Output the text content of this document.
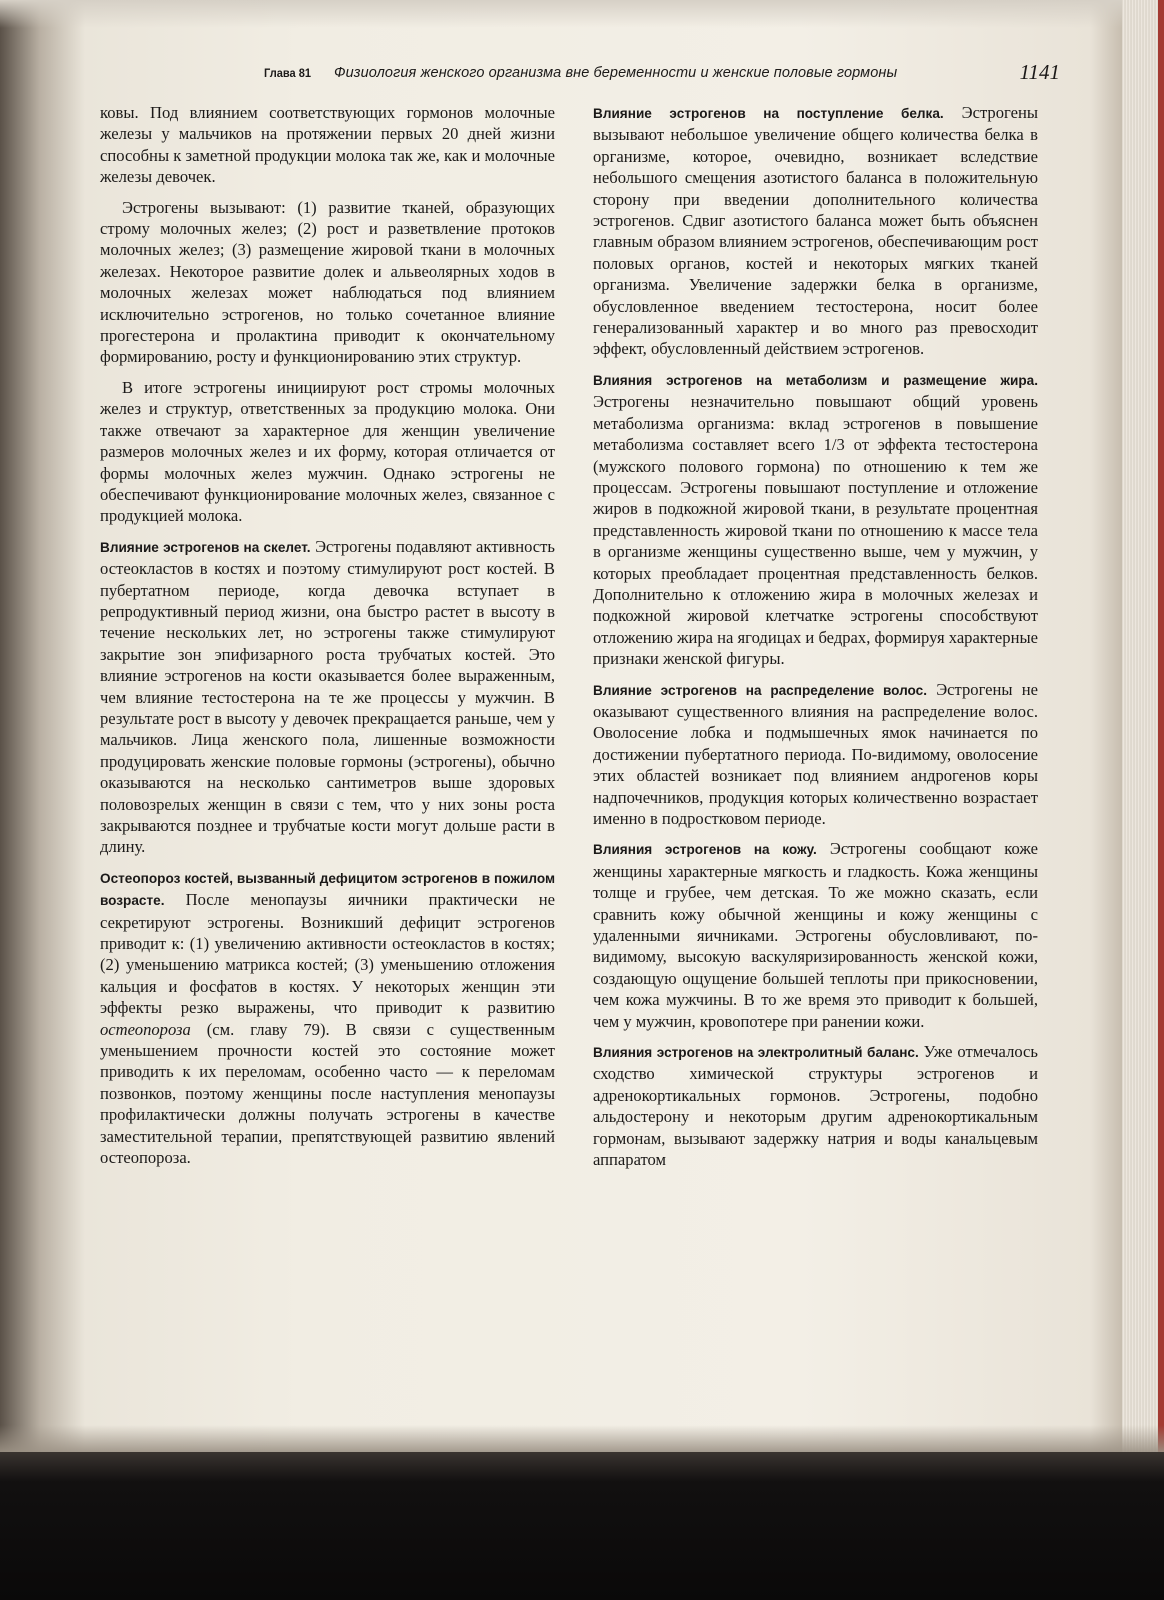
Глава 81 Физиология женского организма вне беременности и женские половые гормоны	1141

ковы. Под влиянием соответствующих гормонов молочные железы у мальчиков на протяжении первых 20 дней жизни способны к заметной продукции молока так же, как и молочные железы девочек.

Эстрогены вызывают: (1) развитие тканей, образующих строму молочных желез; (2) рост и разветвление протоков молочных желез; (3) размещение жировой ткани в молочных железах. Некоторое развитие долек и альвеолярных ходов в молочных железах может наблюдаться под влиянием исключительно эстрогенов, но только сочетанное влияние прогестерона и пролактина приводит к окончательному формированию, росту и функционированию этих структур.

В итоге эстрогены инициируют рост стромы молочных желез и структур, ответственных за продукцию молока. Они также отвечают за характерное для женщин увеличение размеров молочных желез и их форму, которая отличается от формы молочных желез мужчин. Однако эстрогены не обеспечивают функционирование молочных желез, связанное с продукцией молока.

Влияние эстрогенов на скелет. Эстрогены подавляют активность остеокластов в костях и поэтому стимулируют рост костей. В пубертатном периоде, когда девочка вступает в репродуктивный период жизни, она быстро растет в высоту в течение нескольких лет, но эстрогены также стимулируют закрытие зон эпифизарного роста трубчатых костей. Это влияние эстрогенов на кости оказывается более выраженным, чем влияние тестостерона на те же процессы у мужчин. В результате рост в высоту у девочек прекращается раньше, чем у мальчиков. Лица женского пола, лишенные возможности продуцировать женские половые гормоны (эстрогены), обычно оказываются на несколько сантиметров выше здоровых половозрелых женщин в связи с тем, что у них зоны роста закрываются позднее и трубчатые кости могут дольше расти в длину.

Остеопороз костей, вызванный дефицитом эстрогенов в пожилом возрасте. После менопаузы яичники практически не секретируют эстрогены. Возникший дефицит эстрогенов приводит к: (1) увеличению активности остеокластов в костях; (2) уменьшению матрикса костей; (3) уменьшению отложения кальция и фосфатов в костях. У некоторых женщин эти эффекты резко выражены, что приводит к развитию остеопороза (см. главу 79). В связи с существенным уменьшением прочности костей это состояние может приводить к их переломам, особенно часто — к переломам позвонков, поэтому женщины после наступления менопаузы профилактически должны получать эстрогены в качестве заместительной терапии, препятствующей развитию явлений остеопороза.

Влияние эстрогенов на поступление белка. Эстрогены вызывают небольшое увеличение общего количества белка в организме, которое, очевидно, возникает вследствие небольшого смещения азотистого баланса в положительную сторону при введении дополнительного количества эстрогенов. Сдвиг азотистого баланса может быть объяснен главным образом влиянием эстрогенов, обеспечивающим рост половых органов, костей и некоторых мягких тканей организма. Увеличение задержки белка в организме, обусловленное введением тестостерона, носит более генерализованный характер и во много раз превосходит эффект, обусловленный действием эстрогенов.

Влияния эстрогенов на метаболизм и размещение жира. Эстрогены незначительно повышают общий уровень метаболизма организма: вклад эстрогенов в повышение метаболизма составляет всего 1/3 от эффекта тестостерона (мужского полового гормона) по отношению к тем же процессам. Эстрогены повышают поступление и отложение жиров в подкожной жировой ткани, в результате процентная представленность жировой ткани по отношению к массе тела в организме женщины существенно выше, чем у мужчин, у которых преобладает процентная представленность белков. Дополнительно к отложению жира в молочных железах и подкожной жировой клетчатке эстрогены способствуют отложению жира на ягодицах и бедрах, формируя характерные признаки женской фигуры.

Влияние эстрогенов на распределение волос. Эстрогены не оказывают существенного влияния на распределение волос. Оволосение лобка и подмышечных ямок начинается по достижении пубертатного периода. По-видимому, оволосение этих областей возникает под влиянием андрогенов коры надпочечников, продукция которых количественно возрастает именно в подростковом периоде.

Влияния эстрогенов на кожу. Эстрогены сообщают коже женщины характерные мягкость и гладкость. Кожа женщины толще и грубее, чем детская. То же можно сказать, если сравнить кожу обычной женщины и кожу женщины с удаленными яичниками. Эстрогены обусловливают, по-видимому, высокую васкуляризированность женской кожи, создающую ощущение большей теплоты при прикосновении, чем кожа мужчины. В то же время это приводит к большей, чем у мужчин, кровопотере при ранении кожи.

Влияния эстрогенов на электролитный баланс. Уже отмечалось сходство химической структуры эстрогенов и адренокортикальных гормонов. Эстрогены, подобно альдостерону и некоторым другим адренокортикальным гормонам, вызывают задержку натрия и воды канальцевым аппаратом
